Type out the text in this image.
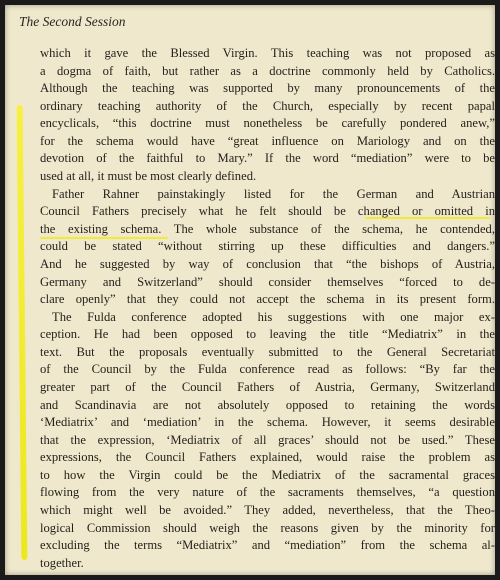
The Second Session
which it gave the Blessed Virgin. This teaching was not proposed as
a dogma of faith, but rather as a doctrine commonly held by Catholics.
Although the teaching was supported by many pronouncements of the
ordinary teaching authority of the Church, especially by recent papal
encyclicals, “this doctrine must nonetheless be carefully pondered anew,”
for the schema would have “great influence on Mariology and on the
devotion of the faithful to Mary.” If the word “mediation” were to be
used at all, it must be most clearly defined.
Father Rahner painstakingly listed for the German and Austrian
Council Fathers precisely what he felt should be changed or omitted in
the existing schema. The whole substance of the schema, he contended,
could be stated “without stirring up these difficulties and dangers.”
And he suggested by way of conclusion that “the bishops of Austria,
Germany and Switzerland” should consider themselves “forced to de-
clare openly” that they could not accept the schema in its present form.
The Fulda conference adopted his suggestions with one major ex-
ception. He had been opposed to leaving the title “Mediatrix” in the
text. But the proposals eventually submitted to the General Secretariat
of the Council by the Fulda conference read as follows: “By far the
greater part of the Council Fathers of Austria, Germany, Switzerland
and Scandinavia are not absolutely opposed to retaining the words
‘Mediatrix’ and ‘mediation’ in the schema. However, it seems desirable
that the expression, ‘Mediatrix of all graces’ should not be used.” These
expressions, the Council Fathers explained, would raise the problem as
to how the Virgin could be the Mediatrix of the sacramental graces
flowing from the very nature of the sacraments themselves, “a question
which might well be avoided.” They added, nevertheless, that the Theo-
logical Commission should weigh the reasons given by the minority for
excluding the terms “Mediatrix” and “mediation” from the schema al-
together.
